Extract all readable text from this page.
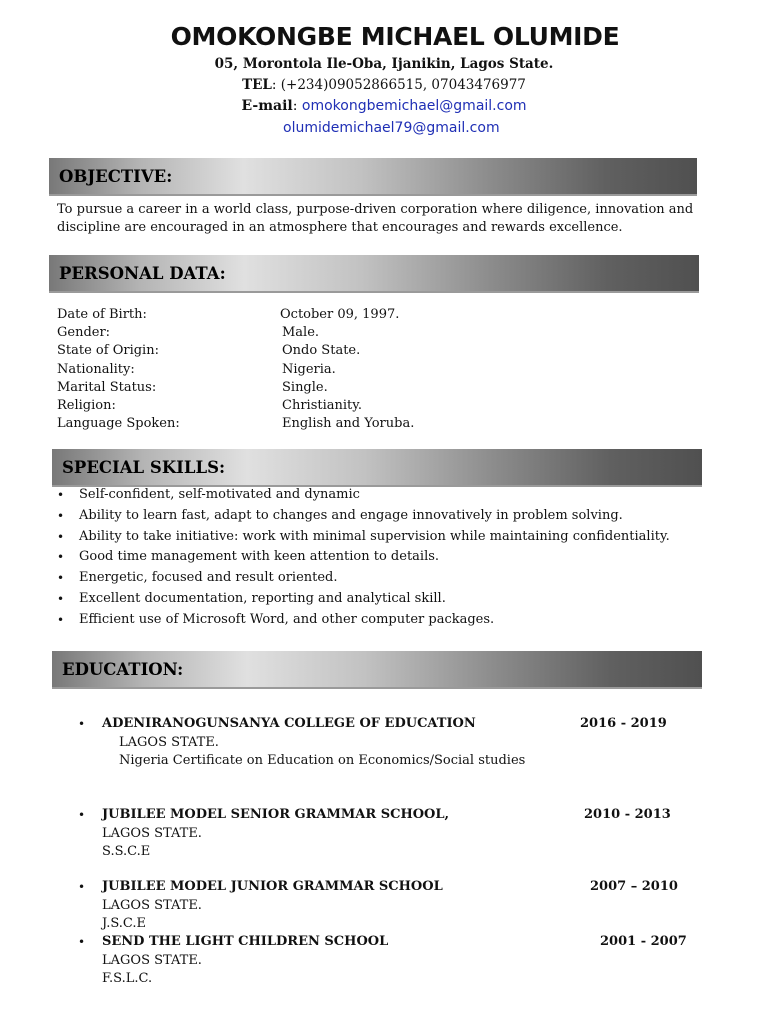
OMOKONGBE MICHAEL OLUMIDE
05, Morontola Ile-Oba, Ijanikin, Lagos State.
TEL: (+234)09052866515, 07043476977
E-mail: omokongbemichael@gmail.com
olumidemichael79@gmail.com
OBJECTIVE:
To pursue a career in a world class, purpose-driven corporation where diligence, innovation and discipline are encouraged in an atmosphere that encourages and rewards excellence.
PERSONAL DATA:
Date of Birth:	October 09, 1997.
Gender:	Male.
State of Origin:	Ondo State.
Nationality:	Nigeria.
Marital Status:	Single.
Religion:	Christianity.
Language Spoken:	English and Yoruba.
SPECIAL SKILLS:
• Self-confident, self-motivated and dynamic
• Ability to learn fast, adapt to changes and engage innovatively in problem solving.
• Ability to take initiative: work with minimal supervision while maintaining confidentiality.
• Good time management with keen attention to details.
• Energetic, focused and result oriented.
• Excellent documentation, reporting and analytical skill.
• Efficient use of Microsoft Word, and other computer packages.
EDUCATION:
• ADENIRANOGUNSANYA COLLEGE OF EDUCATION	2016 - 2019
LAGOS STATE.
Nigeria Certificate on Education on Economics/Social studies
• JUBILEE MODEL SENIOR GRAMMAR SCHOOL,	2010 - 2013
LAGOS STATE.
S.S.C.E
• JUBILEE MODEL JUNIOR GRAMMAR SCHOOL	2007 – 2010
LAGOS STATE.
J.S.C.E
• SEND THE LIGHT CHILDREN SCHOOL	2001 - 2007
LAGOS STATE.
F.S.L.C.
